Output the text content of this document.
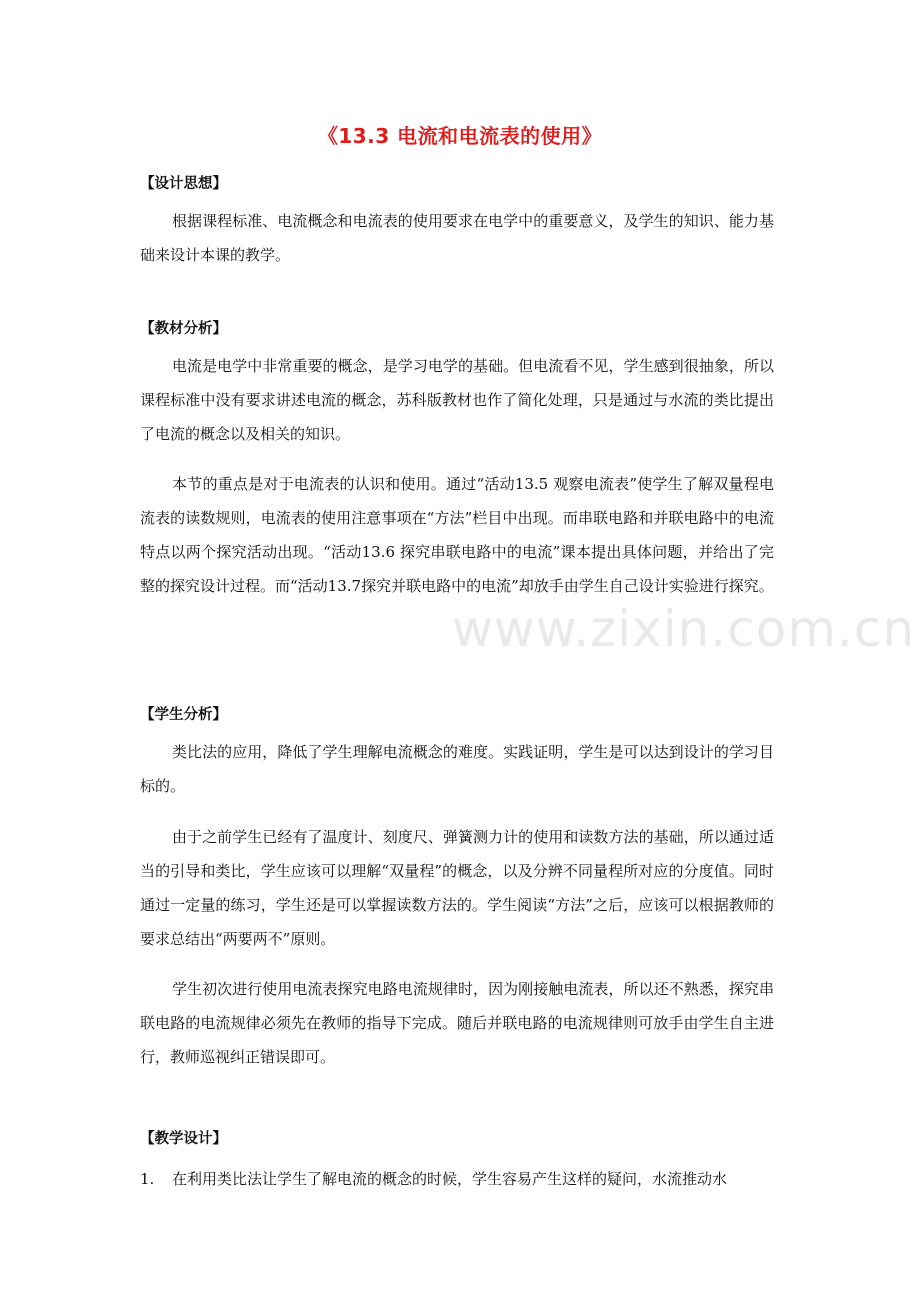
《13.3 电流和电流表的使用》
【设计思想】

根据课程标准、电流概念和电流表的使用要求在电学中的重要意义，及学生的知识、能力基础来设计本课的教学。

【教材分析】

电流是电学中非常重要的概念，是学习电学的基础。但电流看不见，学生感到很抽象，所以课程标准中没有要求讲述电流的概念，苏科版教材也作了简化处理，只是通过与水流的类比提出了电流的概念以及相关的知识。

本节的重点是对于电流表的认识和使用。通过“活动13.5 观察电流表”使学生了解双量程电流表的读数规则，电流表的使用注意事项在“方法”栏目中出现。而串联电路和并联电路中的电流特点以两个探究活动出现。“活动13.6 探究串联电路中的电流”课本提出具体问题，并给出了完整的探究设计过程。而“活动13.7探究并联电路中的电流”却放手由学生自己设计实验进行探究。

【学生分析】

类比法的应用，降低了学生理解电流概念的难度。实践证明，学生是可以达到设计的学习目标的。

由于之前学生已经有了温度计、刻度尺、弹簧测力计的使用和读数方法的基础，所以通过适当的引导和类比，学生应该可以理解“双量程”的概念，以及分辨不同量程所对应的分度值。同时通过一定量的练习，学生还是可以掌握读数方法的。学生阅读“方法”之后，应该可以根据教师的要求总结出“两要两不”原则。

学生初次进行使用电流表探究电路电流规律时，因为刚接触电流表，所以还不熟悉，探究串联电路的电流规律必须先在教师的指导下完成。随后并联电路的电流规律则可放手由学生自主进行，教师巡视纠正错误即可。

【教学设计】
1. 在利用类比法让学生了解电流的概念的时候，学生容易产生这样的疑问，水流推动水
www.zixin.com.cn
